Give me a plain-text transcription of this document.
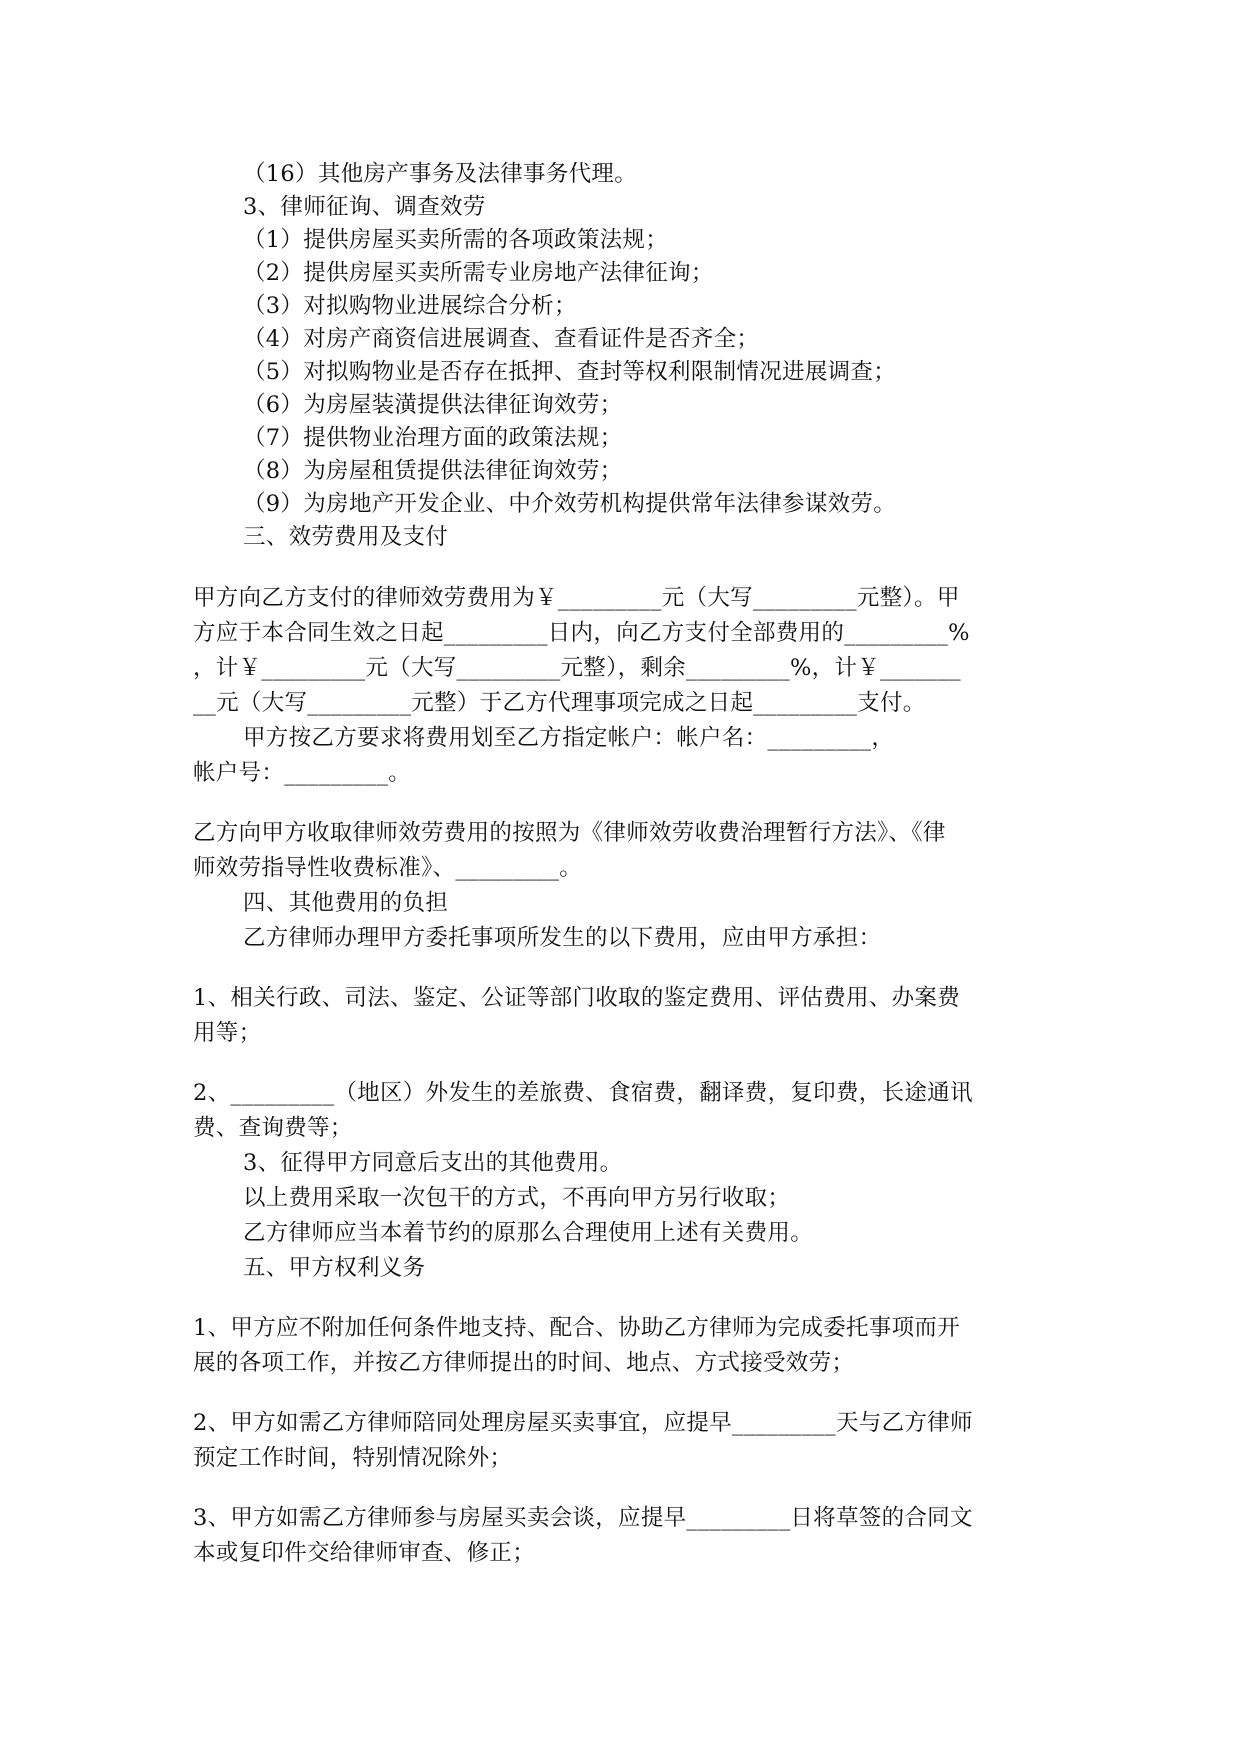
（16）其他房产事务及法律事务代理。
3、律师征询、调查效劳
（1）提供房屋买卖所需的各项政策法规；
（2）提供房屋买卖所需专业房地产法律征询；
（3）对拟购物业进展综合分析；
（4）对房产商资信进展调查、查看证件是否齐全；
（5）对拟购物业是否存在抵押、查封等权利限制情况进展调查；
（6）为房屋装潢提供法律征询效劳；
（7）提供物业治理方面的政策法规；
（8）为房屋租赁提供法律征询效劳；
（9）为房地产开发企业、中介效劳机构提供常年法律参谋效劳。
三、效劳费用及支付
甲方向乙方支付的律师效劳费用为￥_________元（大写_________元整）。甲
方应于本合同生效之日起_________日内，向乙方支付全部费用的_________%
，计￥_________元（大写_________元整），剩余_________%，计￥_______
__元（大写_________元整）于乙方代理事项完成之日起_________支付。
甲方按乙方要求将费用划至乙方指定帐户：帐户名：_________，
帐户号：_________。
乙方向甲方收取律师效劳费用的按照为《律师效劳收费治理暂行方法》、《律
师效劳指导性收费标准》、_________。
四、其他费用的负担
乙方律师办理甲方委托事项所发生的以下费用，应由甲方承担：
1、相关行政、司法、鉴定、公证等部门收取的鉴定费用、评估费用、办案费
用等；
2、_________（地区）外发生的差旅费、食宿费，翻译费，复印费，长途通讯
费、查询费等；
3、征得甲方同意后支出的其他费用。
以上费用采取一次包干的方式，不再向甲方另行收取；
乙方律师应当本着节约的原那么合理使用上述有关费用。
五、甲方权利义务
1、甲方应不附加任何条件地支持、配合、协助乙方律师为完成委托事项而开
展的各项工作，并按乙方律师提出的时间、地点、方式接受效劳；
2、甲方如需乙方律师陪同处理房屋买卖事宜，应提早_________天与乙方律师
预定工作时间，特别情况除外；
3、甲方如需乙方律师参与房屋买卖会谈，应提早_________日将草签的合同文
本或复印件交给律师审查、修正；
